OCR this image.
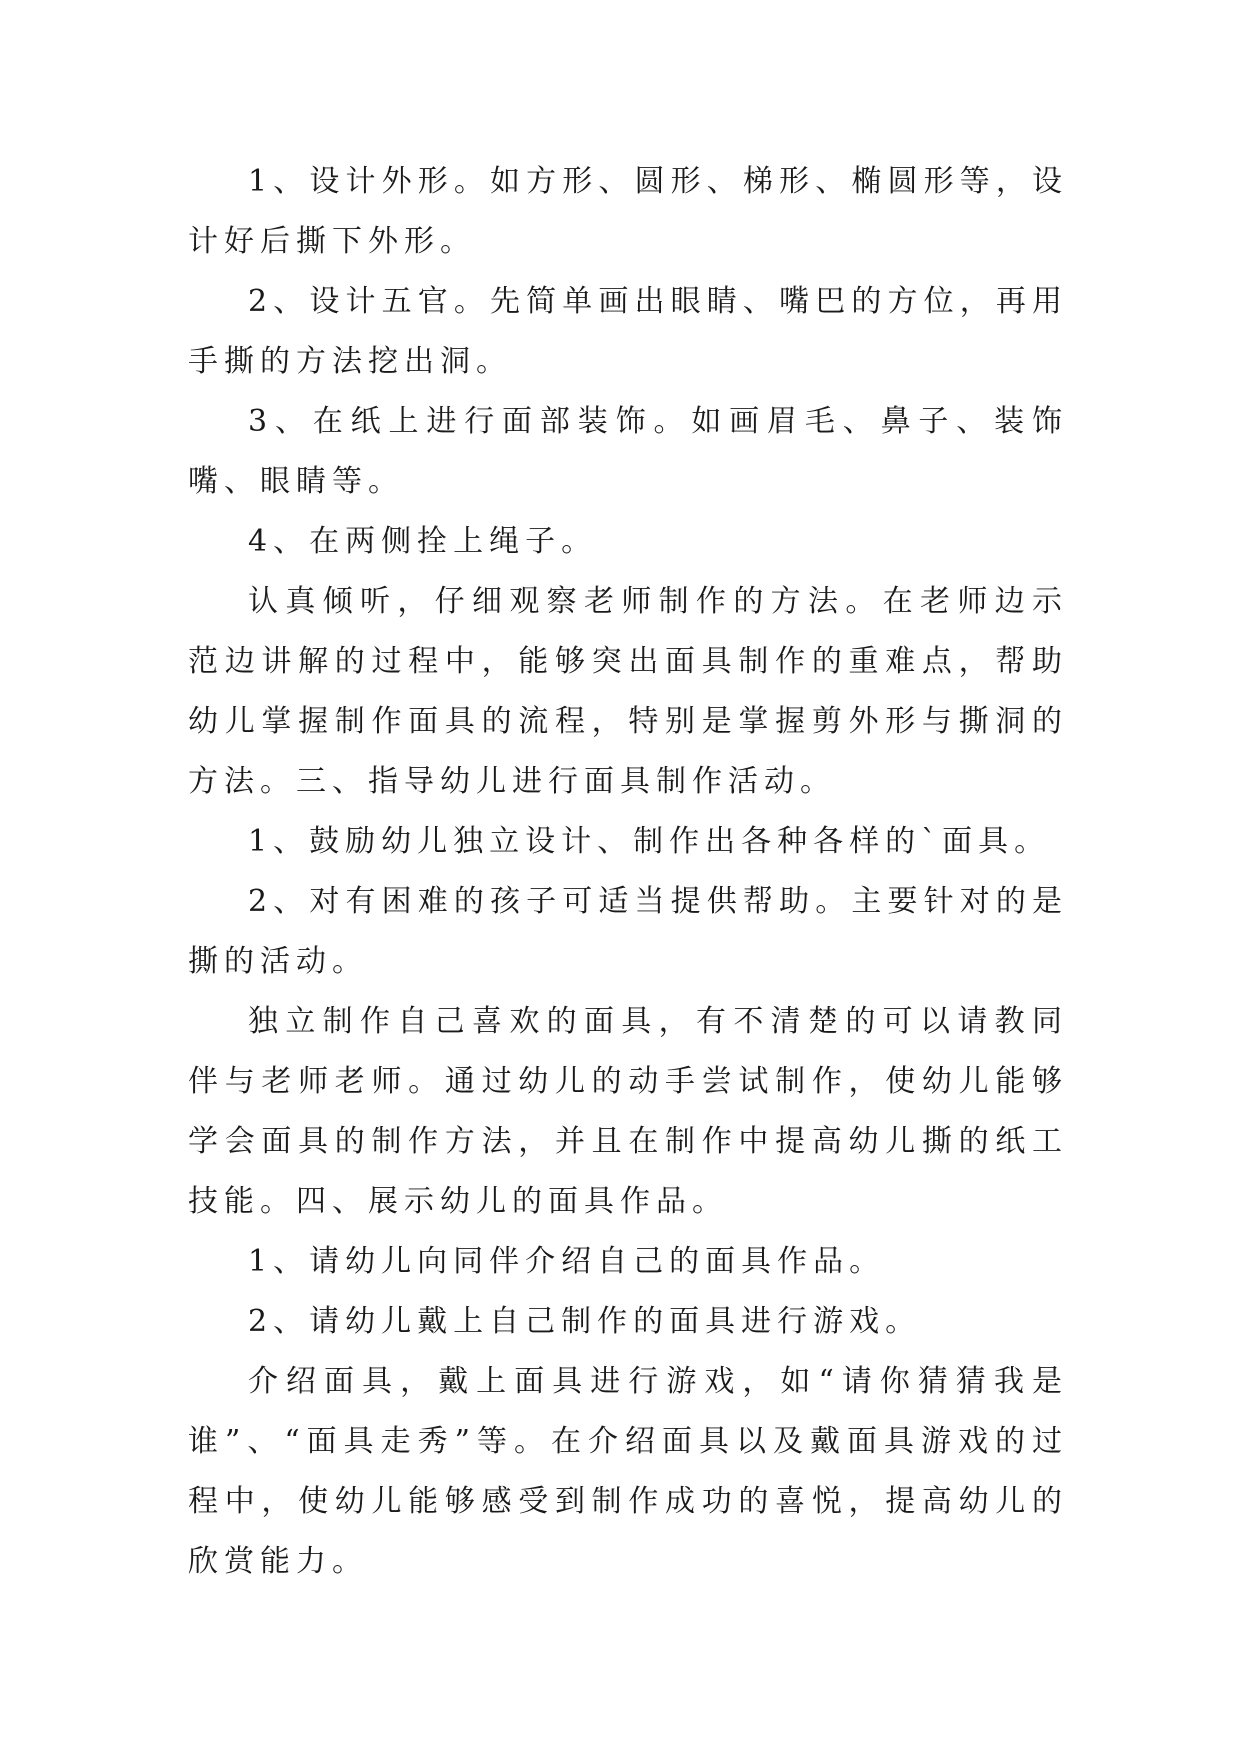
1、设计外形。如方形、圆形、梯形、椭圆形等，设计好后撕下外形。

2、设计五官。先简单画出眼睛、嘴巴的方位，再用手撕的方法挖出洞。

3、在纸上进行面部装饰。如画眉毛、鼻子、装饰嘴、眼睛等。

4、在两侧拴上绳子。

认真倾听，仔细观察老师制作的方法。在老师边示范边讲解的过程中，能够突出面具制作的重难点，帮助幼儿掌握制作面具的流程，特别是掌握剪外形与撕洞的方法。三、指导幼儿进行面具制作活动。

1、鼓励幼儿独立设计、制作出各种各样的`面具。

2、对有困难的孩子可适当提供帮助。主要针对的是撕的活动。

独立制作自己喜欢的面具，有不清楚的可以请教同伴与老师老师。通过幼儿的动手尝试制作，使幼儿能够学会面具的制作方法，并且在制作中提高幼儿撕的纸工技能。四、展示幼儿的面具作品。

1、请幼儿向同伴介绍自己的面具作品。

2、请幼儿戴上自己制作的面具进行游戏。

介绍面具，戴上面具进行游戏，如“请你猜猜我是谁”、“面具走秀”等。在介绍面具以及戴面具游戏的过程中，使幼儿能够感受到制作成功的喜悦，提高幼儿的欣赏能力。
